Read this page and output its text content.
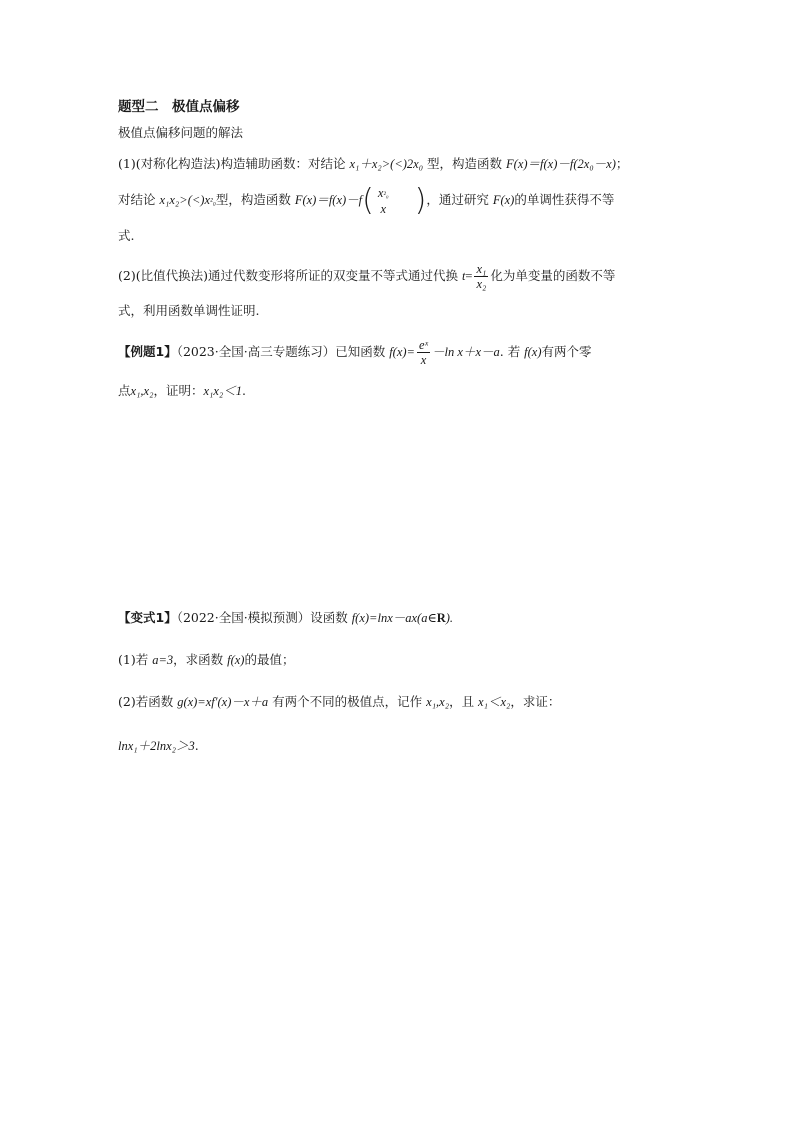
题型二　极值点偏移
极值点偏移问题的解法
(1)(对称化构造法)构造辅助函数：对结论 x₁＋x₂>(<)2x₀ 型，构造函数 F(x)＝f(x)－f(2x₀－x)；
对结论 x₁x₂>(<)x²₀型，构造函数 F(x)＝f(x)－f( x²₀
x )，通过研究 F(x)的单调性获得不等
式.
(2)(比值代换法)通过代数变形将所证的双变量不等式通过代换 $t= \frac{\text{x₁}}{\text{x₂}}$ 化为单变量的函数不等
式，利用函数单调性证明.
【例题1】（2023·全国·高三专题练习）已知函数 $f(x)= \frac{\text{eˣ}}{x} -\ln$ x＋x－a. 若 f(x)有两个零
点x₁,x₂，证明：x₁x₂＜1.
【变式1】（2022·全国·模拟预测）设函数 f(x)=lnx－ax(a∈R).
(1)若 a=3，求函数 f(x)的最值；
(2)若函数 g(x)=xf′(x)－x＋a 有两个不同的极值点，记作 x₁,x₂，且 x₁＜x₂，求证：
lnx₁＋2lnx₂＞3.
